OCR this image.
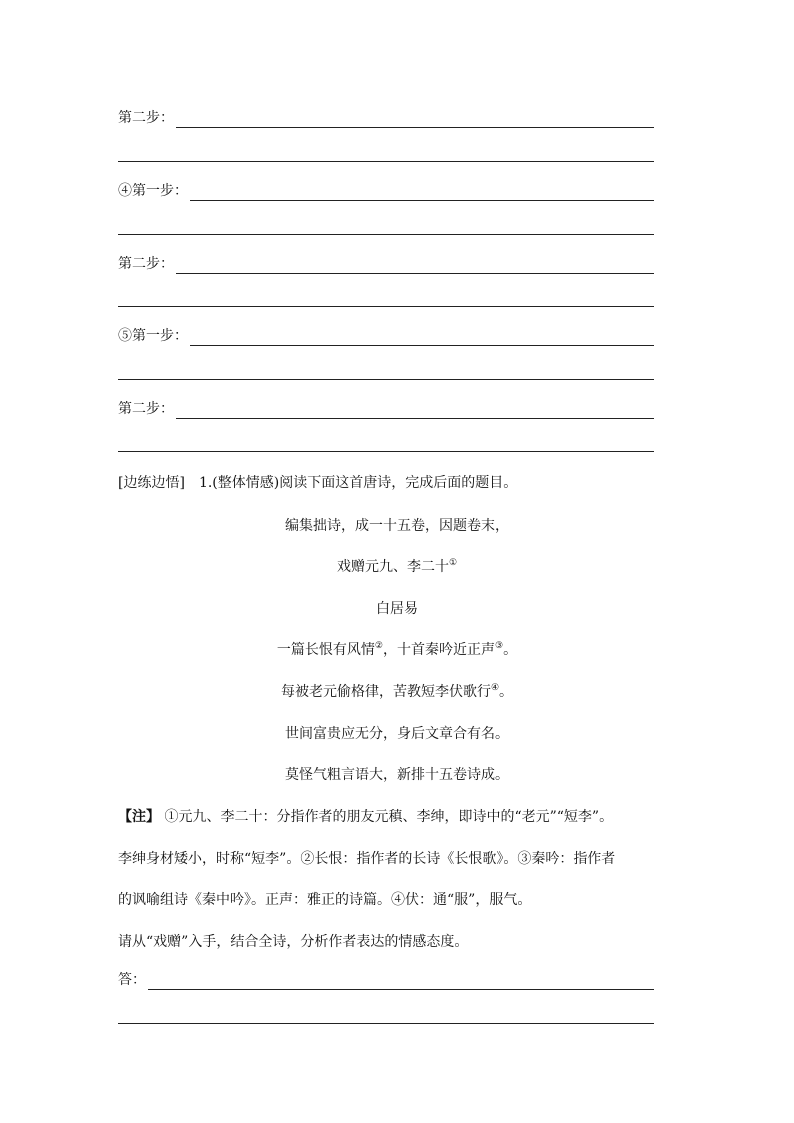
第二步：
④第一步：
第二步：
⑤第一步：
第二步：
[边练边悟] 1.(整体情感)阅读下面这首唐诗，完成后面的题目。
编集拙诗，成一十五卷，因题卷末，
戏赠元九、李二十①
白居易
一篇长恨有风情②，十首秦吟近正声③。
每被老元偷格律，苦教短李伏歌行④。
世间富贵应无分，身后文章合有名。
莫怪气粗言语大，新排十五卷诗成。
【注】 ①元九、李二十：分指作者的朋友元稹、李绅，即诗中的“老元”“短李”。
李绅身材矮小，时称“短李”。②长恨：指作者的长诗《长恨歌》。③秦吟：指作者
的讽喻组诗《秦中吟》。正声：雅正的诗篇。④伏：通“服”，服气。
请从“戏赠”入手，结合全诗，分析作者表达的情感态度。
答：
